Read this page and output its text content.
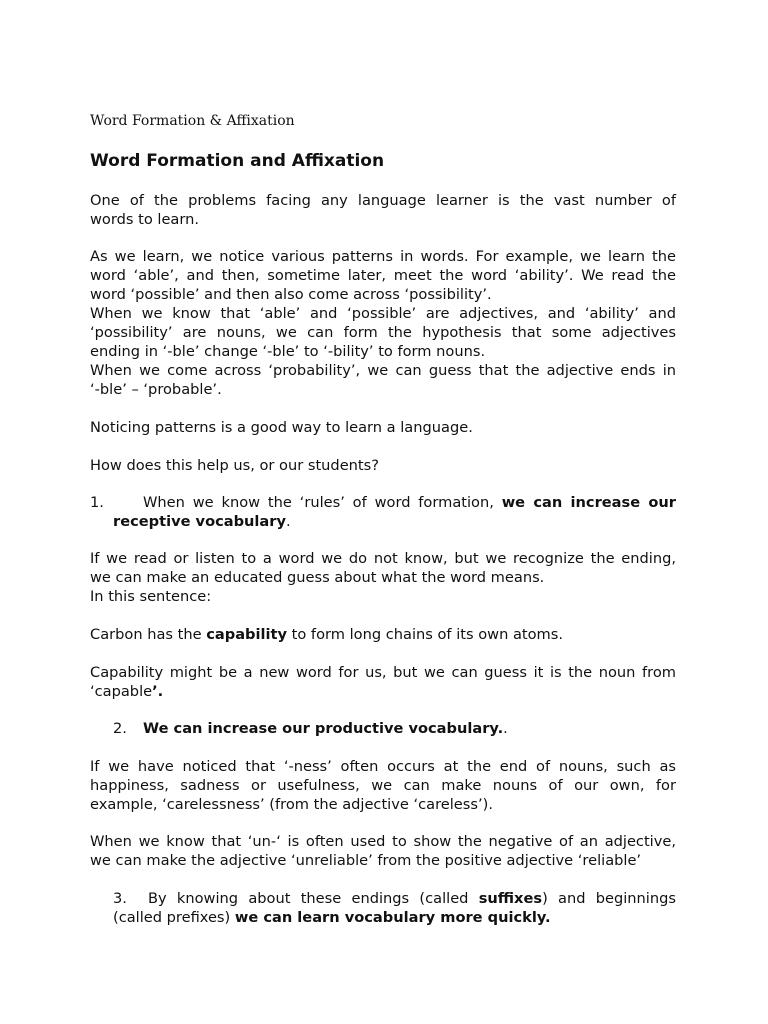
Word Formation & Affixation
Word Formation and Affixation
One of the problems facing any language learner is the vast number of
words to learn.
As we learn, we notice various patterns in words. For example, we learn the
word ‘able’, and then, sometime later, meet the word ‘ability’. We read the
word ‘possible’ and then also come across ‘possibility’.
When we know that ‘able’ and ‘possible’ are adjectives, and ‘ability’ and
‘possibility’ are nouns, we can form the hypothesis that some adjectives
ending in ‘-ble’ change ‘-ble’ to ‘-bility’ to form nouns.
When we come across ‘probability’, we can guess that the adjective ends in
‘-ble’ – ‘probable’.
Noticing patterns is a good way to learn a language.
How does this help us, or our students?
1.	When we know the ‘rules’ of word formation, we can increase our
receptive vocabulary.
If we read or listen to a word we do not know, but we recognize the ending,
we can make an educated guess about what the word means.
In this sentence:
Carbon has the capability to form long chains of its own atoms.
Capability might be a new word for us, but we can guess it is the noun from
‘capable’.
2. We can increase our productive vocabulary..
If we have noticed that ‘-ness’ often occurs at the end of nouns, such as
happiness, sadness or usefulness, we can make nouns of our own, for
example, ‘carelessness’ (from the adjective ‘careless’).
When we know that ‘un-‘ is often used to show the negative of an adjective,
we can make the adjective ‘unreliable’ from the positive adjective ‘reliable’
3. By knowing about these endings (called suffixes) and beginnings
(called prefixes) we can learn vocabulary more quickly.
